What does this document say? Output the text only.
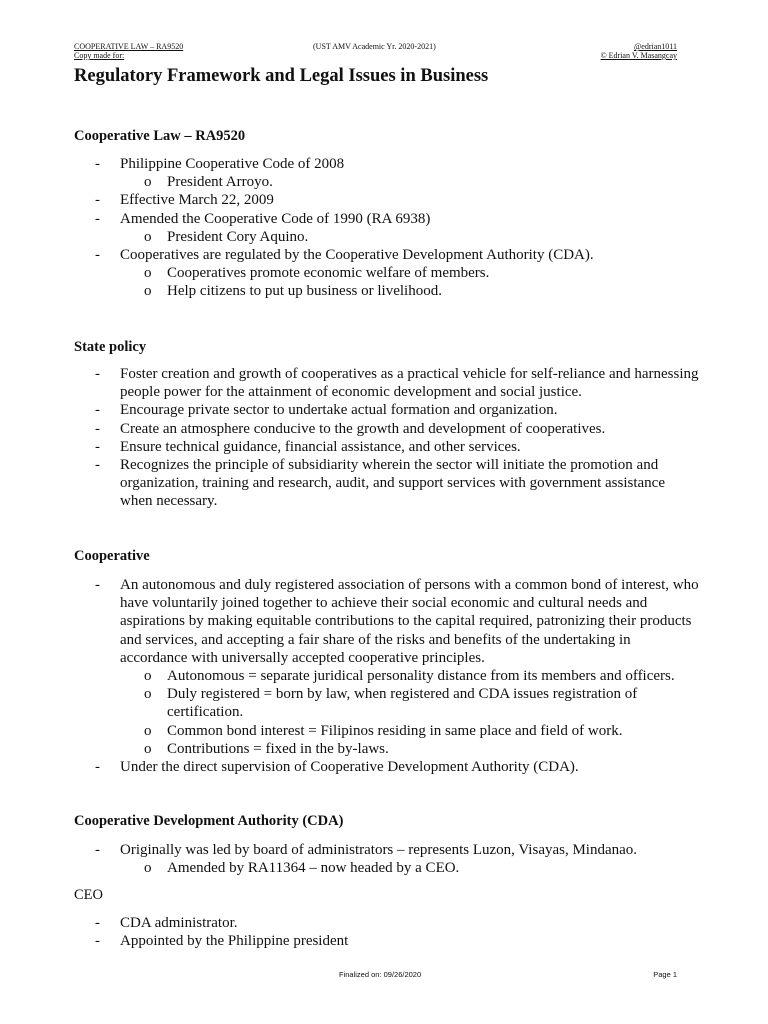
COOPERATIVE LAW – RA9520
Copy made for:
(UST AMV Academic Yr. 2020-2021)	@edrian1011
© Edrian V. Masangcay
Regulatory Framework and Legal Issues in Business
Cooperative Law – RA9520
- Philippine Cooperative Code of 2008
o President Arroyo.
- Effective March 22, 2009
- Amended the Cooperative Code of 1990 (RA 6938)
o President Cory Aquino.
- Cooperatives are regulated by the Cooperative Development Authority (CDA).
o Cooperatives promote economic welfare of members.
o Help citizens to put up business or livelihood.
State policy
- Foster creation and growth of cooperatives as a practical vehicle for self-reliance and harnessing people power for the attainment of economic development and social justice.
- Encourage private sector to undertake actual formation and organization.
- Create an atmosphere conducive to the growth and development of cooperatives.
- Ensure technical guidance, financial assistance, and other services.
- Recognizes the principle of subsidiarity wherein the sector will initiate the promotion and organization, training and research, audit, and support services with government assistance when necessary.
Cooperative
- An autonomous and duly registered association of persons with a common bond of interest, who have voluntarily joined together to achieve their social economic and cultural needs and aspirations by making equitable contributions to the capital required, patronizing their products and services, and accepting a fair share of the risks and benefits of the undertaking in accordance with universally accepted cooperative principles.
o Autonomous = separate juridical personality distance from its members and officers.
o Duly registered = born by law, when registered and CDA issues registration of certification.
o Common bond interest = Filipinos residing in same place and field of work.
o Contributions = fixed in the by-laws.
- Under the direct supervision of Cooperative Development Authority (CDA).
Cooperative Development Authority (CDA)
- Originally was led by board of administrators – represents Luzon, Visayas, Mindanao.
o Amended by RA11364 – now headed by a CEO.
CEO
- CDA administrator.
- Appointed by the Philippine president
Finalized on: 09/26/2020	Page 1
